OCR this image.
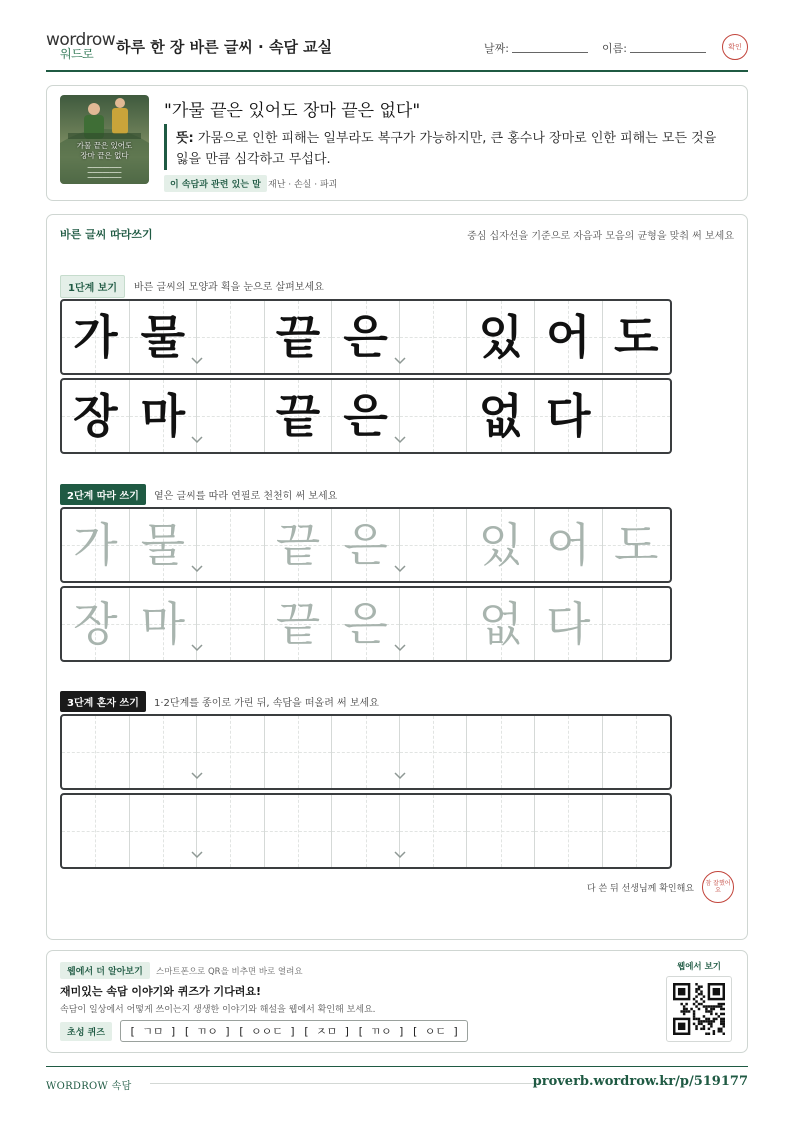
wordrow
워드로	하루 한 장 바른 글씨 · 속담 교실	날짜:	이름:	확인
가물 끝은 있어도
장마 끝은 없다
━━━━━━━━━━━━━━
━━━━━━━━━━━━━━
━━━━━━━━━━━━━━
"가물 끝은 있어도 장마 끝은 없다"
뜻: 가뭄으로 인한 피해는 일부라도 복구가 가능하지만, 큰 홍수나 장마로 인한 피해는 모든 것을 잃을 만큼 심각하고 무섭다.
이 속담과 관련 있는 말 재난 · 손실 · 파괴
바른 글씨 따라쓰기	중심 십자선을 기준으로 자음과 모음의 균형을 맞춰 써 보세요
1단계 보기	바른 글씨의 모양과 획을 눈으로 살펴보세요
가 물 끝 은 있 어 도
장 마 끝 은 없 다
2단계 따라 쓰기	옅은 글씨를 따라 연필로 천천히 써 보세요
가 물 끝 은 있 어 도
장 마 끝 은 없 다
3단계 혼자 쓰기	1·2단계를 종이로 가린 뒤, 속담을 떠올려 써 보세요
다 쓴 뒤 선생님께 확인해요
참 잘했어요
웹에서 더 알아보기	스마트폰으로 QR을 비추면 바로 열려요
재미있는 속담 이야기와 퀴즈가 기다려요!
속담이 일상에서 어떻게 쓰이는지 생생한 이야기와 해설을 웹에서 확인해 보세요.
초성 퀴즈	[ ㄱㅁ ] [ ㄲㅇ ] [ ㅇㅇㄷ ] [ ㅈㅁ ] [ ㄲㅇ ] [ ㅇㄷ ]
웹에서 보기
WORDROW 속담	proverb.wordrow.kr/p/519177
